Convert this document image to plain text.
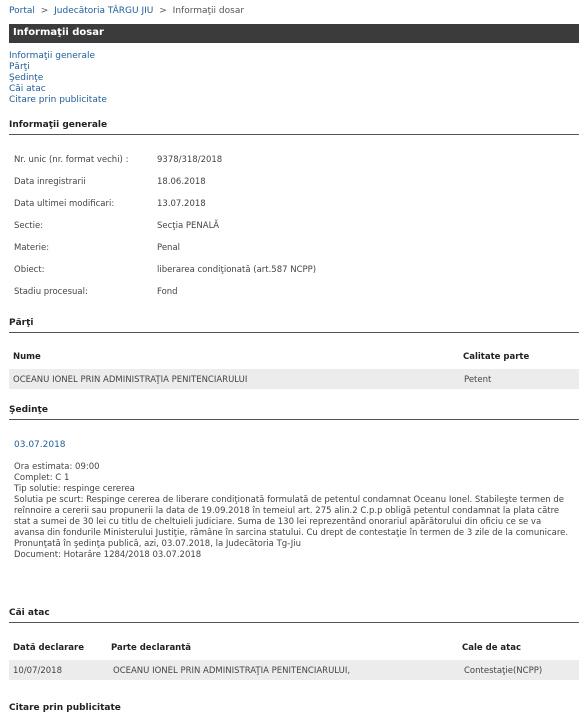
Portal > Judecătoria TÂRGU JIU > Informaţii dosar
Informaţii dosar
Informaţii generale
Părţi
Şedinţe
Căi atac
Citare prin publicitate
Informaţii generale
Nr. unic (nr. format vechi) :	9378/318/2018
Data inregistrarii	18.06.2018
Data ultimei modificari:	13.07.2018
Sectie:	Secţia PENALĂ
Materie:	Penal
Obiect:	liberarea condiţionată (art.587 NCPP)
Stadiu procesual:	Fond
Părţi
Nume	Calitate parte
OCEANU IONEL PRIN ADMINISTRAŢIA PENITENCIARULUI	Petent
Şedinţe
03.07.2018
Ora estimata: 09:00
Complet: C 1
Tip solutie: respinge cererea
Solutia pe scurt: Respinge cererea de liberare condiţionată formulată de petentul condamnat Oceanu Ionel. Stabileşte termen de reînnoire a cererii sau propunerii la data de 19.09.2018 în temeiul art. 275 alin.2 C.p.p obligă petentul condamnat la plata către stat a sumei de 30 lei cu titlu de cheltuieli judiciare. Suma de 130 lei reprezentând onorariul apărătorului din oficiu ce se va avansa din fondurile Ministerului Justiţie, rămâne în sarcina statului. Cu drept de contestaţie în termen de 3 zile de la comunicare. Pronunţată în şedinţa publică, azi, 03.07.2018, la Judecătoria Tg-Jiu
Document: Hotarâre 1284/2018 03.07.2018
Căi atac
Dată declarare	Parte declarantă	Cale de atac
10/07/2018	OCEANU IONEL PRIN ADMINISTRAŢIA PENITENCIARULUI,	Contestaţie(NCPP)
Citare prin publicitate
